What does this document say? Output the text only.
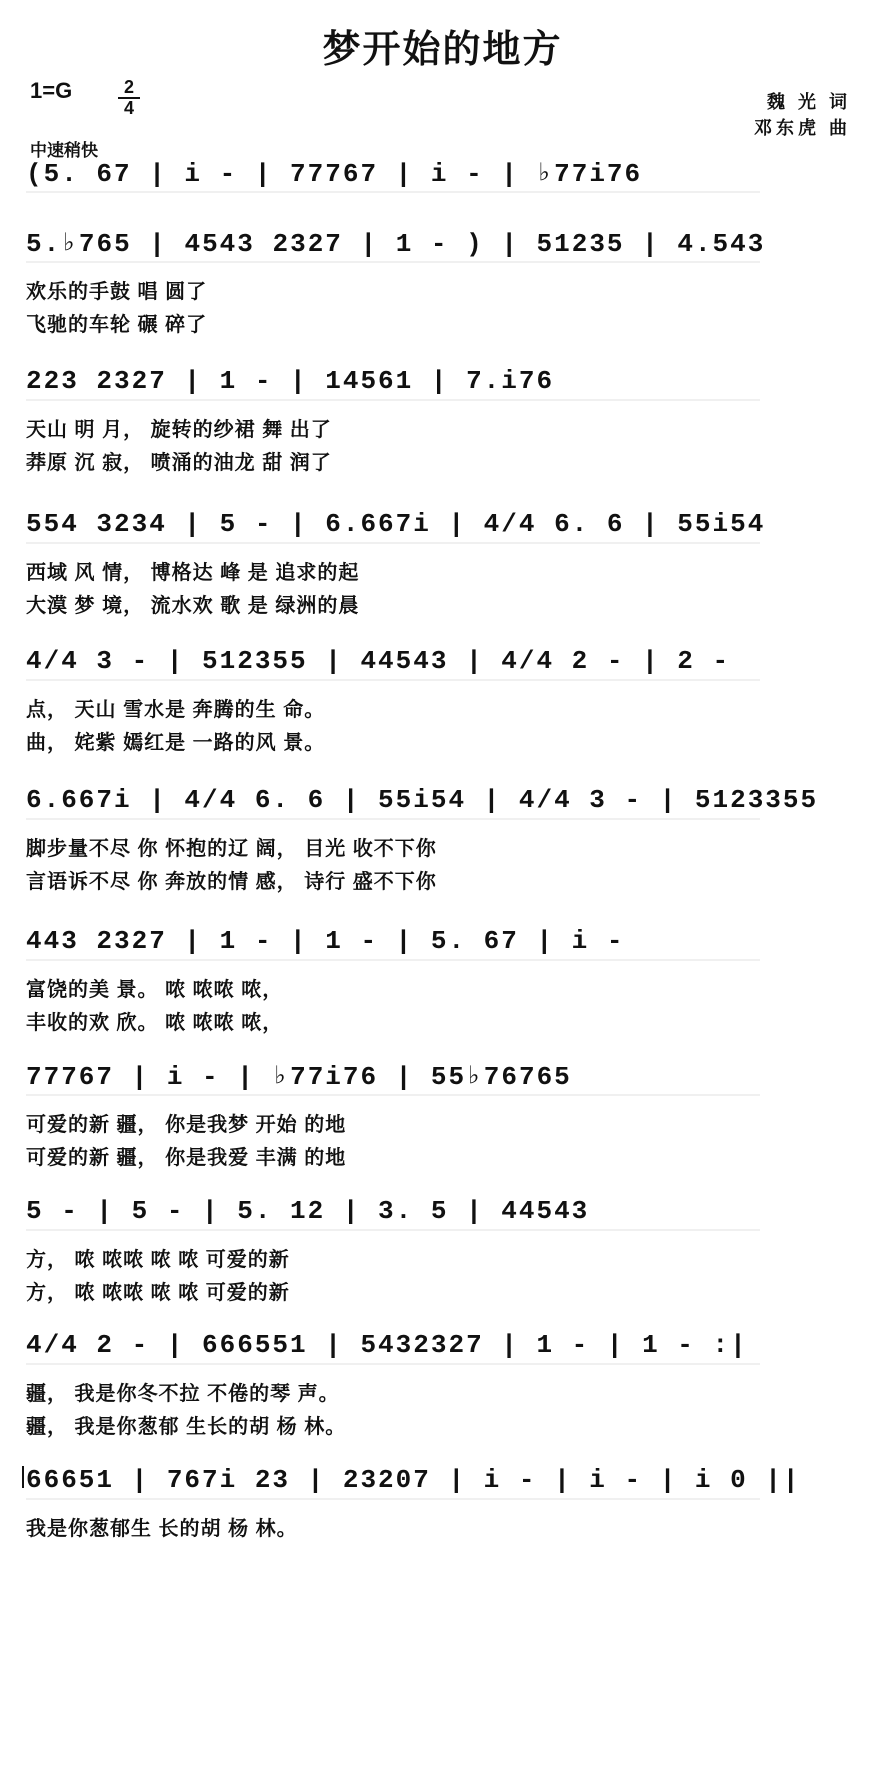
梦开始的地方
1=G	2
4
中速稍快
魏 光 词
邓东虎 曲
(5. 67 | i - | 77767 | i - | ♭77i76
5.♭765 | 4543 2327 | 1 - ) | 51235 | 4.543
欢乐的手鼓 唱 圆了
飞驰的车轮 碾 碎了
223 2327 | 1 - | 14561 | 7.i76
天山 明 月， 旋转的纱裙 舞 出了
莽原 沉 寂， 喷涌的油龙 甜 润了
554 3234 | 5 - | 6.667i | 4/4 6. 6 | 55i54
西域 风 情， 博格达 峰 是 追求的起
大漠 梦 境， 流水欢 歌 是 绿洲的晨
4/4 3 - | 512355 | 44543 | 4/4 2 - | 2 -
点， 天山 雪水是 奔腾的生 命。
曲， 姹紫 嫣红是 一路的风 景。
6.667i | 4/4 6. 6 | 55i54 | 4/4 3 - | 5123355
脚步量不尽 你 怀抱的辽 阔， 目光 收不下你
言语诉不尽 你 奔放的情 感， 诗行 盛不下你
443 2327 | 1 - | 1 - | 5. 67 | i -
富饶的美 景。 哝 哝哝 哝，
丰收的欢 欣。 哝 哝哝 哝，
77767 | i - | ♭77i76 | 55♭76765
可爱的新 疆， 你是我梦 开始 的地
可爱的新 疆， 你是我爱 丰满 的地
5 - | 5 - | 5. 12 | 3. 5 | 44543
方， 哝 哝哝 哝 哝 可爱的新
方， 哝 哝哝 哝 哝 可爱的新
4/4 2 - | 666551 | 5432327 | 1 - | 1 - :|
疆， 我是你冬不拉 不倦的琴 声。
疆， 我是你葱郁 生长的胡 杨 林。
66651 | 767i 23 | 23207 | i - | i - | i 0 ||
我是你葱郁生 长的胡 杨 林。
